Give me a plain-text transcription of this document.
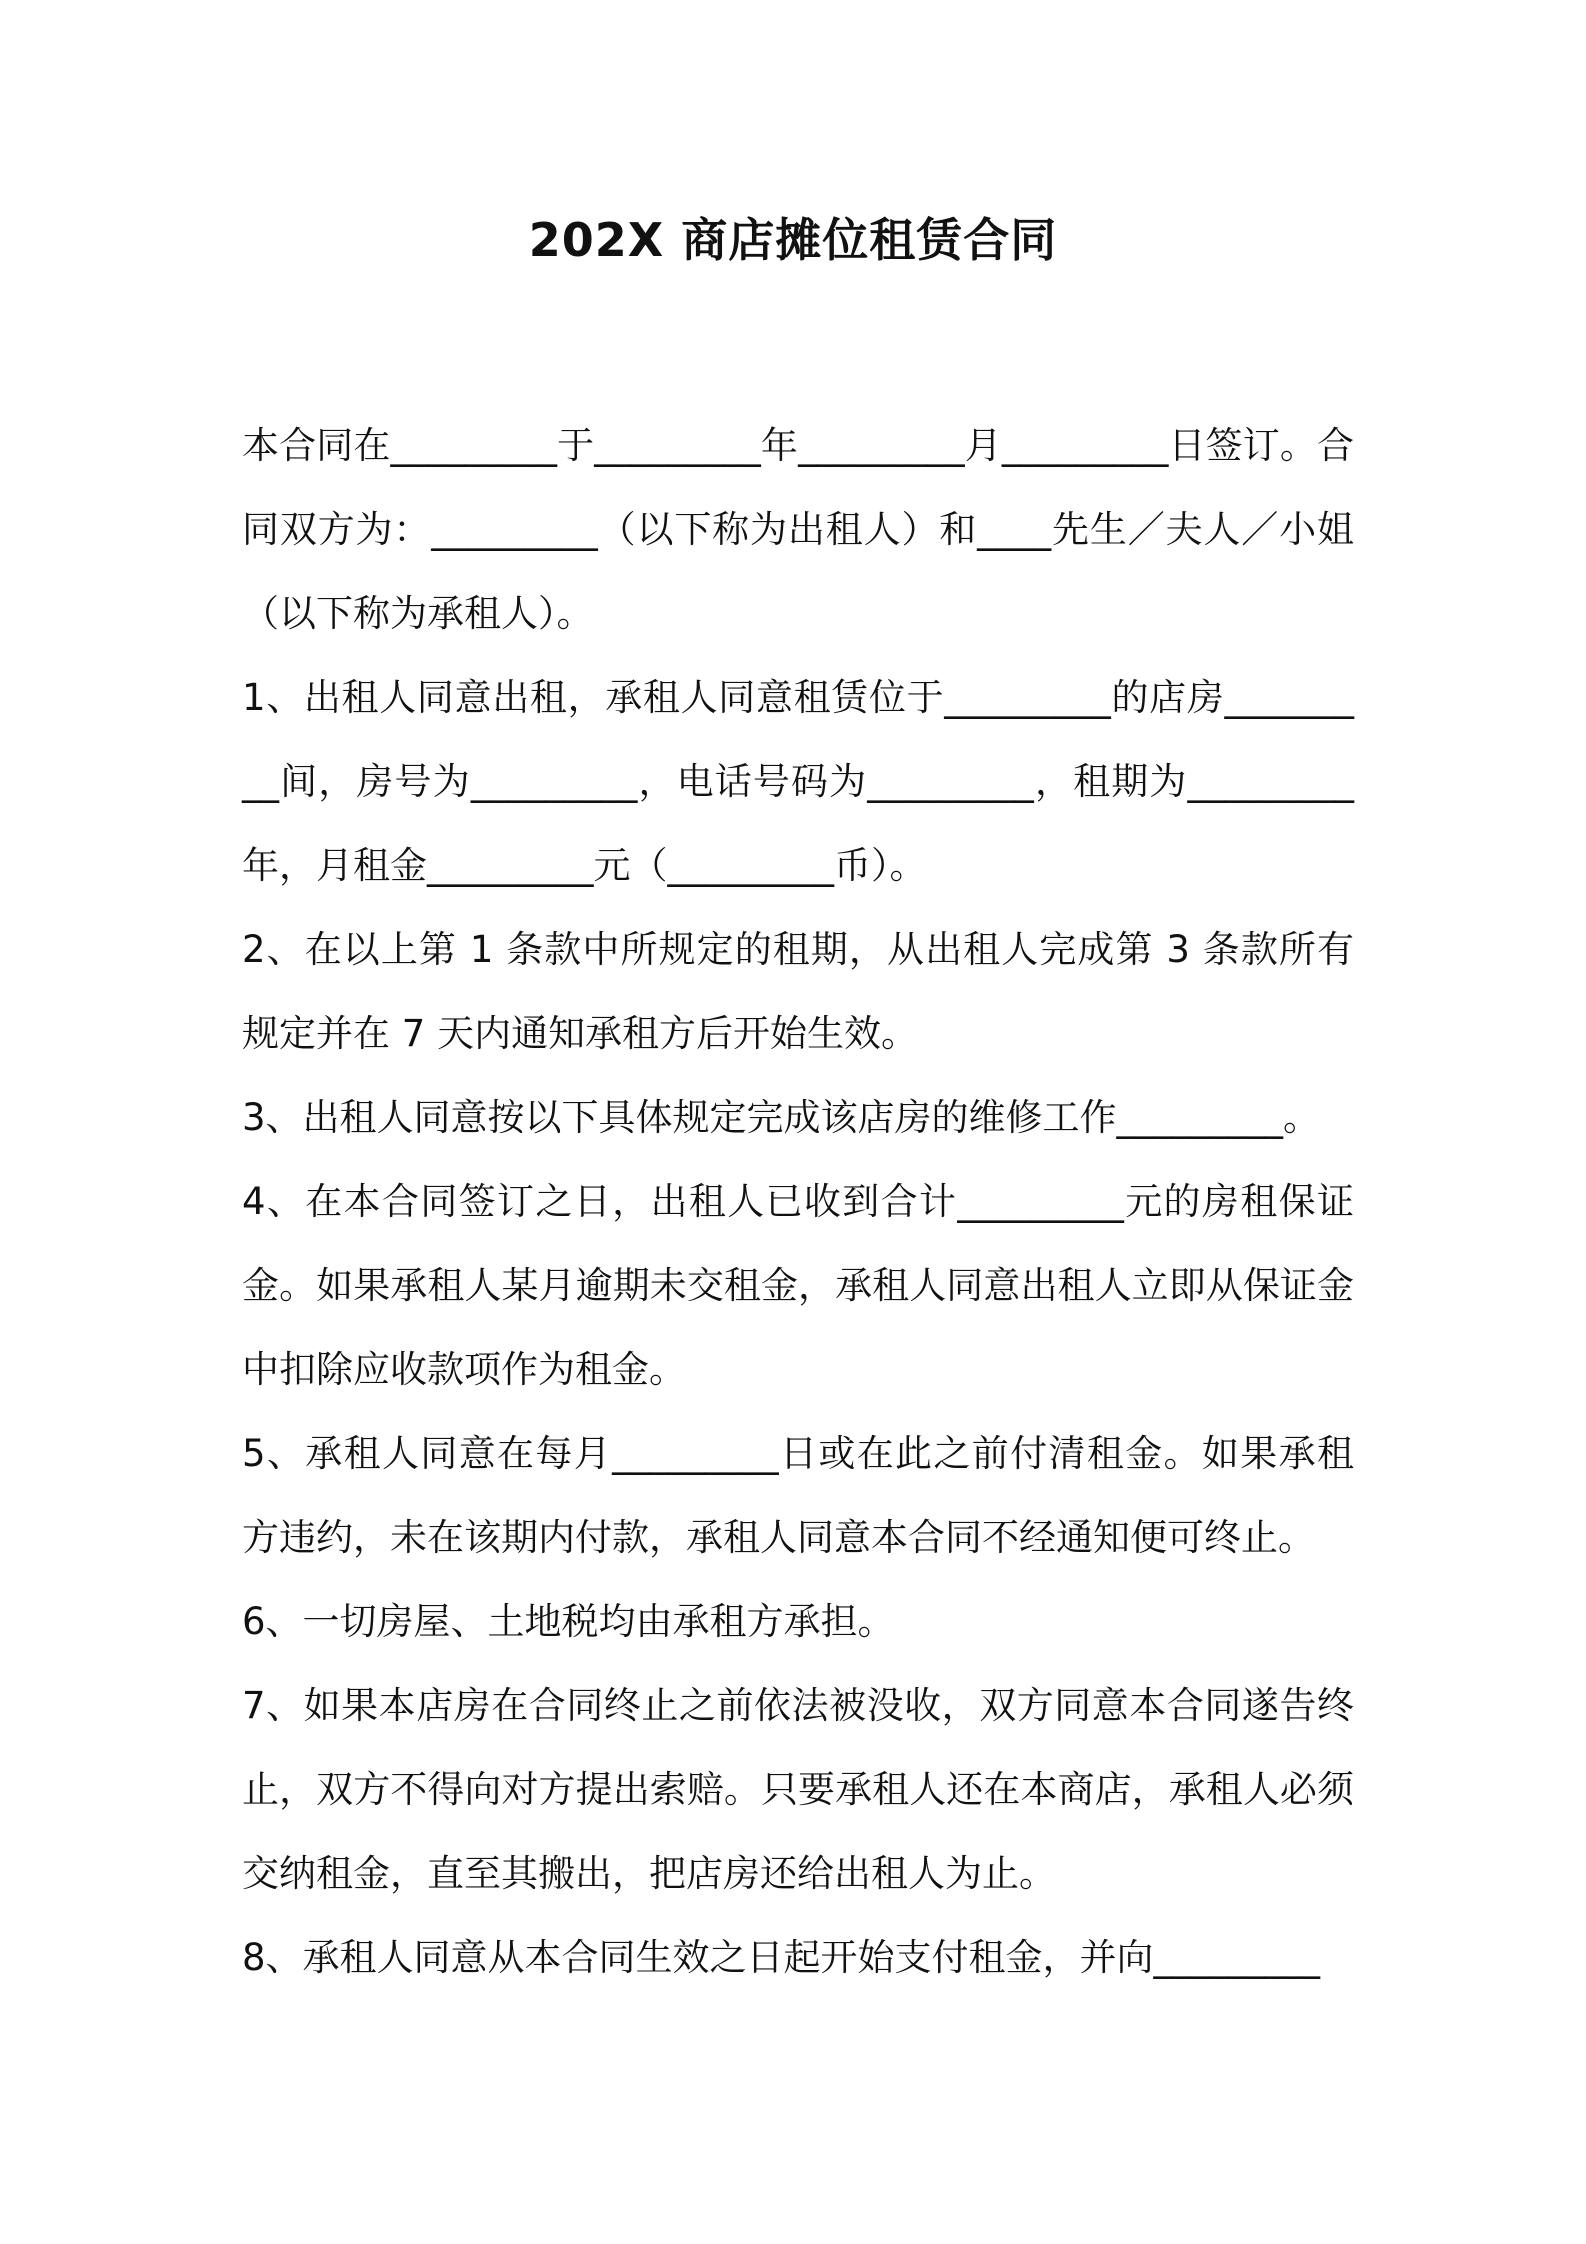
202X 商店摊位租赁合同

本合同在_________于_________年_________月_________日签订。合同双方为：_________（以下称为出租人）和____先生／夫人／小姐（以下称为承租人）。

1、出租人同意出租，承租人同意租赁位于_________的店房_________间，房号为_________，电话号码为_________，租期为_________年，月租金_________元（_________币）。

2、在以上第 1 条款中所规定的租期，从出租人完成第 3 条款所有规定并在 7 天内通知承租方后开始生效。

3、出租人同意按以下具体规定完成该店房的维修工作_________。

4、在本合同签订之日，出租人已收到合计_________元的房租保证金。如果承租人某月逾期未交租金，承租人同意出租人立即从保证金中扣除应收款项作为租金。

5、承租人同意在每月_________日或在此之前付清租金。如果承租方违约，未在该期内付款，承租人同意本合同不经通知便可终止。

6、一切房屋、土地税均由承租方承担。

7、如果本店房在合同终止之前依法被没收，双方同意本合同遂告终止，双方不得向对方提出索赔。只要承租人还在本商店，承租人必须交纳租金，直至其搬出，把店房还给出租人为止。

8、承租人同意从本合同生效之日起开始支付租金，并向_________
